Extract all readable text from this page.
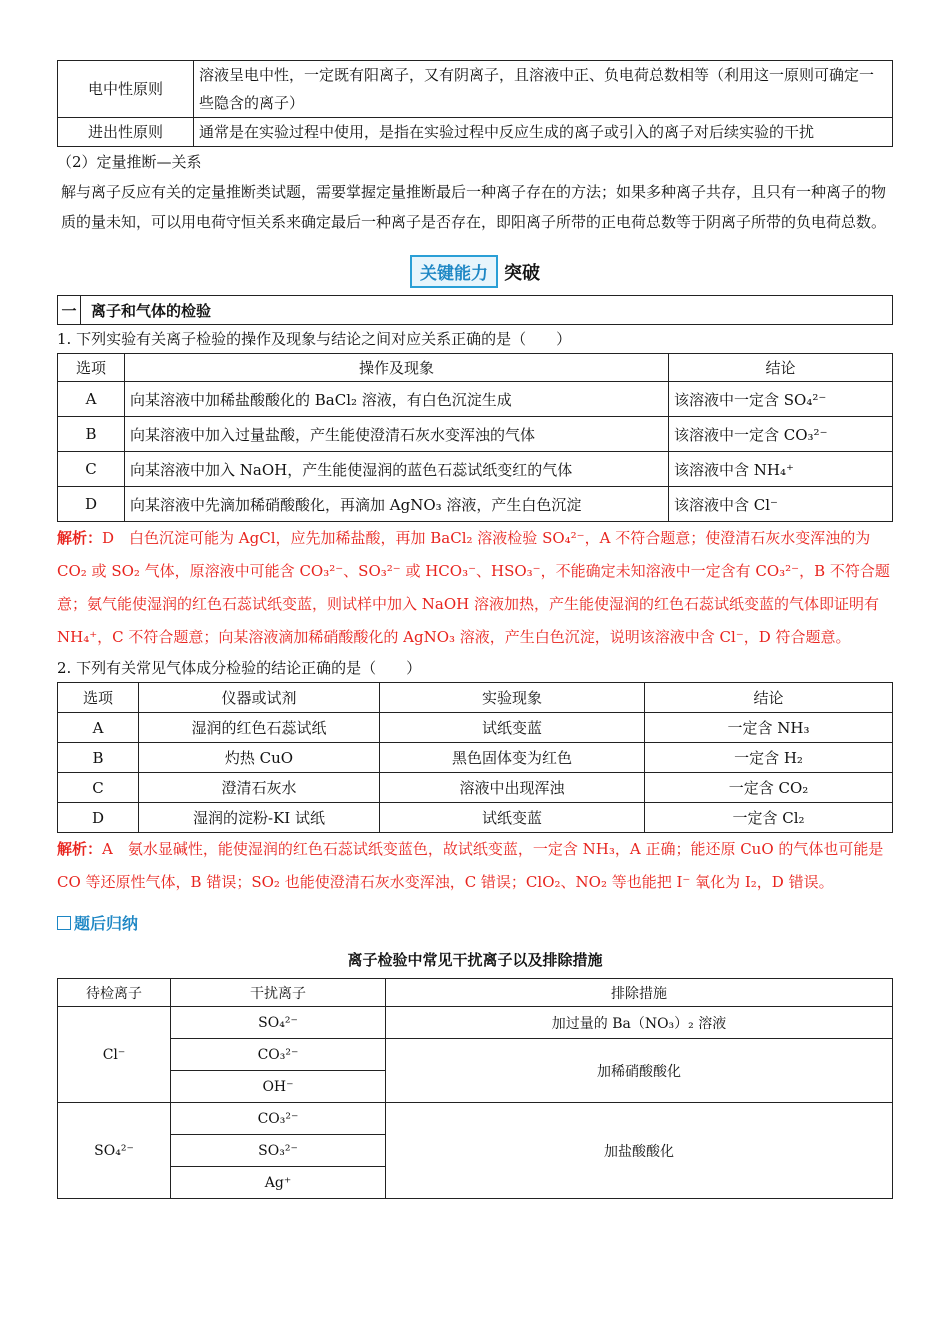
电中性原则	溶液呈电中性，一定既有阳离子，又有阴离子，且溶液中正、负电荷总数相等（利用这一原则可确定一些隐含的离子）
进出性原则	通常是在实验过程中使用，是指在实验过程中反应生成的离子或引入的离子对后续实验的干扰

（2）定量推断—关系

解与离子反应有关的定量推断类试题，需要掌握定量推断最后一种离子存在的方法；如果多种离子共存，且只有一种离子的物质的量未知，可以用电荷守恒关系来确定最后一种离子是否存在，即阳离子所带的正电荷总数等于阴离子所带的负电荷总数。

关键能力 突破
一 离子和气体的检验

1. 下列实验有关离子检验的操作及现象与结论之间对应关系正确的是（　　）

选项	操作及现象	结论
A	向某溶液中加稀盐酸酸化的 BaCl₂ 溶液，有白色沉淀生成	该溶液中一定含 SO₄²⁻
B	向某溶液中加入过量盐酸，产生能使澄清石灰水变浑浊的气体	该溶液中一定含 CO₃²⁻
C	向某溶液中加入 NaOH，产生能使湿润的蓝色石蕊试纸变红的气体	该溶液中含 NH₄⁺
D	向某溶液中先滴加稀硝酸酸化，再滴加 AgNO₃ 溶液，产生白色沉淀	该溶液中含 Cl⁻

解析：D　白色沉淀可能为 AgCl，应先加稀盐酸，再加 BaCl₂ 溶液检验 SO₄²⁻，A 不符合题意；使澄清石灰水变浑浊的为 CO₂ 或 SO₂ 气体，原溶液中可能含 CO₃²⁻、SO₃²⁻ 或 HCO₃⁻、HSO₃⁻，不能确定未知溶液中一定含有 CO₃²⁻，B 不符合题意；氨气能使湿润的红色石蕊试纸变蓝，则试样中加入 NaOH 溶液加热，产生能使湿润的红色石蕊试纸变蓝的气体即证明有 NH₄⁺，C 不符合题意；向某溶液滴加稀硝酸酸化的 AgNO₃ 溶液，产生白色沉淀，说明该溶液中含 Cl⁻，D 符合题意。

2. 下列有关常见气体成分检验的结论正确的是（　　）

选项	仪器或试剂	实验现象	结论
A	湿润的红色石蕊试纸	试纸变蓝	一定含 NH₃
B	灼热 CuO	黑色固体变为红色	一定含 H₂
C	澄清石灰水	溶液中出现浑浊	一定含 CO₂
D	湿润的淀粉-KI 试纸	试纸变蓝	一定含 Cl₂

解析：A　氨水显碱性，能使湿润的红色石蕊试纸变蓝色，故试纸变蓝，一定含 NH₃，A 正确；能还原 CuO 的气体也可能是 CO 等还原性气体，B 错误；SO₂ 也能使澄清石灰水变浑浊，C 错误；ClO₂、NO₂ 等也能把 I⁻ 氧化为 I₂，D 错误。

题后归纳

离子检验中常见干扰离子以及排除措施

待检离子	干扰离子	排除措施
Cl⁻	SO₄²⁻	加过量的 Ba（NO₃）₂ 溶液
	CO₃²⁻	加稀硝酸酸化
	OH⁻	
SO₄²⁻	CO₃²⁻	加盐酸酸化
	SO₃²⁻	
	Ag⁺	
